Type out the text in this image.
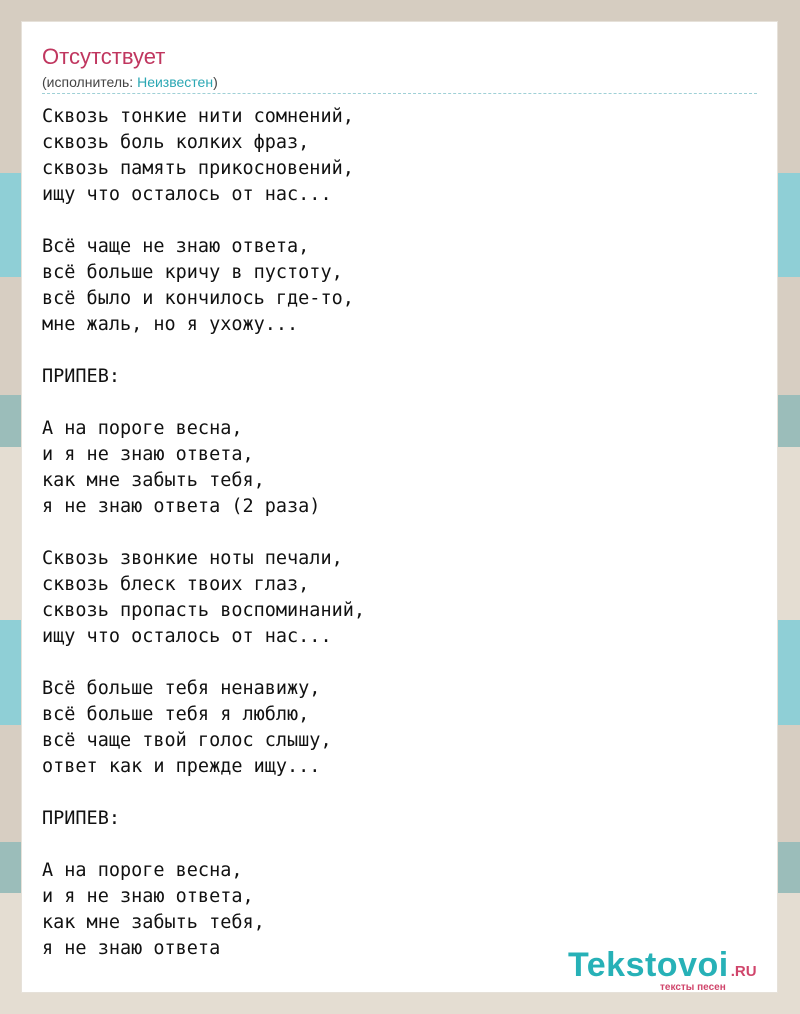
Отсутствует
(исполнитель: Неизвестен)
Сквозь тонкие нити сомнений,
сквозь боль колких фраз,
сквозь память прикосновений,
ищу что осталось от нас...

Всё чаще не знаю ответа,
всё больше кричу в пустоту,
всё было и кончилось где-то,
мне жаль, но я ухожу...

ПРИПЕВ:

А на пороге весна,
и я не знаю ответа,
как мне забыть тебя,
я не знаю ответа (2 раза)

Сквозь звонкие ноты печали,
сквозь блеск твоих глаз,
сквозь пропасть воспоминаний,
ищу что осталось от нас...

Всё больше тебя ненавижу,
всё больше тебя я люблю,
всё чаще твой голос слышу,
ответ как и прежде ищу...

ПРИПЕВ:

А на пороге весна,
и я не знаю ответа,
как мне забыть тебя,
я не знаю ответа	Tekstovoi .RU
тексты песен
